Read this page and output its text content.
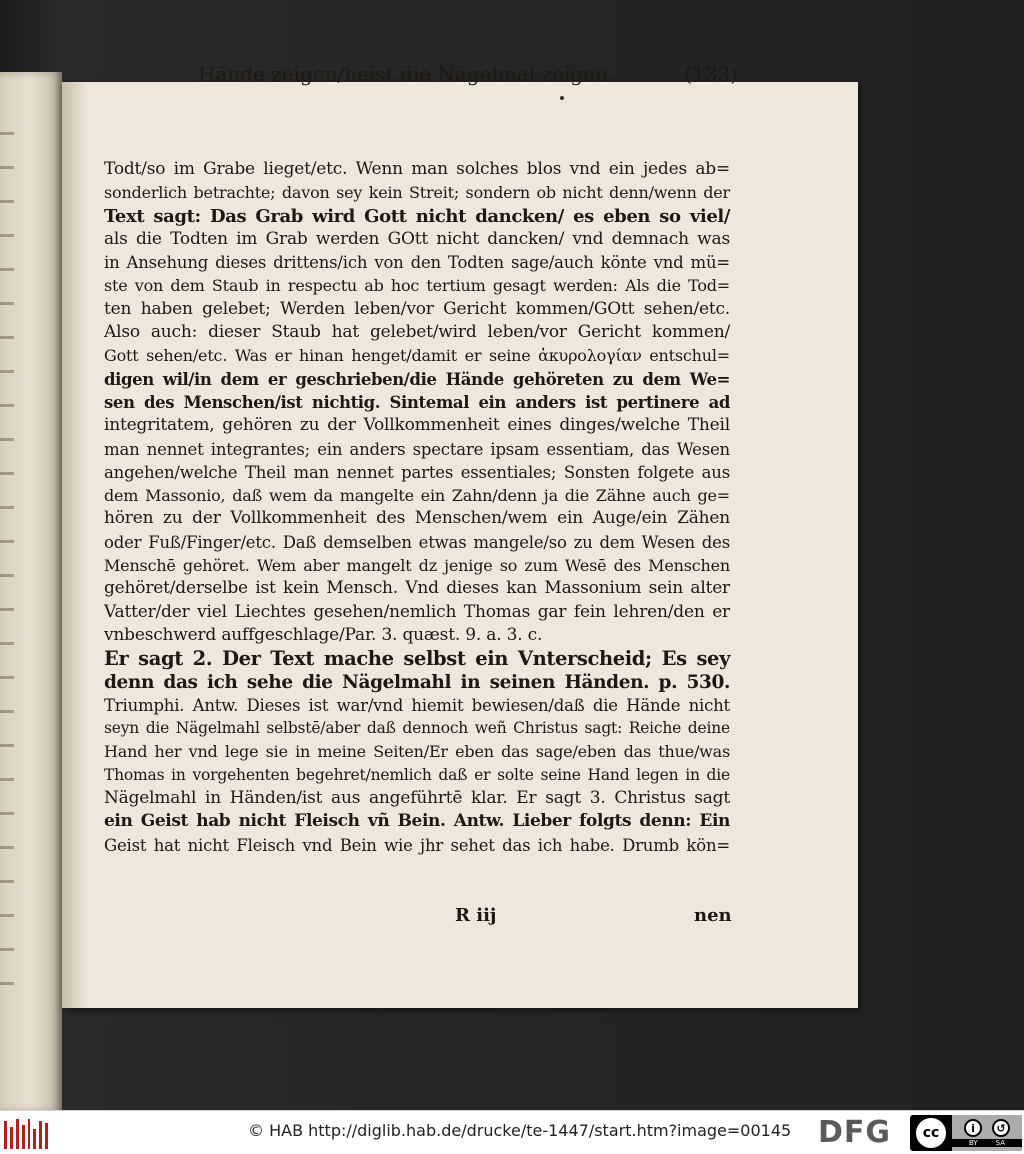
Hände zeigen/heist die Nägelmal zeigen.	(133)
Todt/so im Grabe lieget/etc. Wenn man solches blos vnd ein jedes ab=
sonderlich betrachte; davon sey kein Streit; sondern ob nicht denn/wenn der
Text sagt: Das Grab wird Gott nicht dancken/ es eben so viel/
als die Todten im Grab werden GOtt nicht dancken/ vnd demnach was
in Ansehung dieses drittens/ich von den Todten sage/auch könte vnd mü=
ste von dem Staub in respectu ab hoc tertium gesagt werden: Als die Tod=
ten haben gelebet; Werden leben/vor Gericht kommen/GOtt sehen/etc.
Also auch: dieser Staub hat gelebet/wird leben/vor Gericht kommen/
Gott sehen/etc. Was er hinan henget/damit er seine ἀκυρολογίαν entschul=
digen wil/in dem er geschrieben/die Hände gehöreten zu dem We=
sen des Menschen/ist nichtig. Sintemal ein anders ist pertinere ad
integritatem, gehören zu der Vollkommenheit eines dinges/welche Theil
man nennet integrantes; ein anders spectare ipsam essentiam, das Wesen
angehen/welche Theil man nennet partes essentiales; Sonsten folgete aus
dem Massonio, daß wem da mangelte ein Zahn/denn ja die Zähne auch ge=
hören zu der Vollkommenheit des Menschen/wem ein Auge/ein Zähen
oder Fuß/Finger/etc. Daß demselben etwas mangele/so zu dem Wesen des
Menschē gehöret. Wem aber mangelt dz jenige so zum Wesē des Menschen
gehöret/derselbe ist kein Mensch. Vnd dieses kan Massonium sein alter
Vatter/der viel Liechtes gesehen/nemlich Thomas gar fein lehren/den er
vnbeschwerd auffgeschlage/Par. 3. quæst. 9. a. 3. c.
Er sagt 2. Der Text mache selbst ein Vnterscheid; Es sey
denn das ich sehe die Nägelmahl in seinen Händen. p. 530.
Triumphi. Antw. Dieses ist war/vnd hiemit bewiesen/daß die Hände nicht
seyn die Nägelmahl selbstē/aber daß dennoch weñ Christus sagt: Reiche deine
Hand her vnd lege sie in meine Seiten/Er eben das sage/eben das thue/was
Thomas in vorgehenten begehret/nemlich daß er solte seine Hand legen in die
Nägelmahl in Händen/ist aus angeführtē klar. Er sagt 3. Christus sagt
ein Geist hab nicht Fleisch vñ Bein. Antw. Lieber folgts denn: Ein
Geist hat nicht Fleisch vnd Bein wie jhr sehet das ich habe. Drumb kön=
R iij	nen
© HAB http://diglib.hab.de/drucke/te-1447/start.htm?image=00145 DFG	cc	i	↺
BY	SA
